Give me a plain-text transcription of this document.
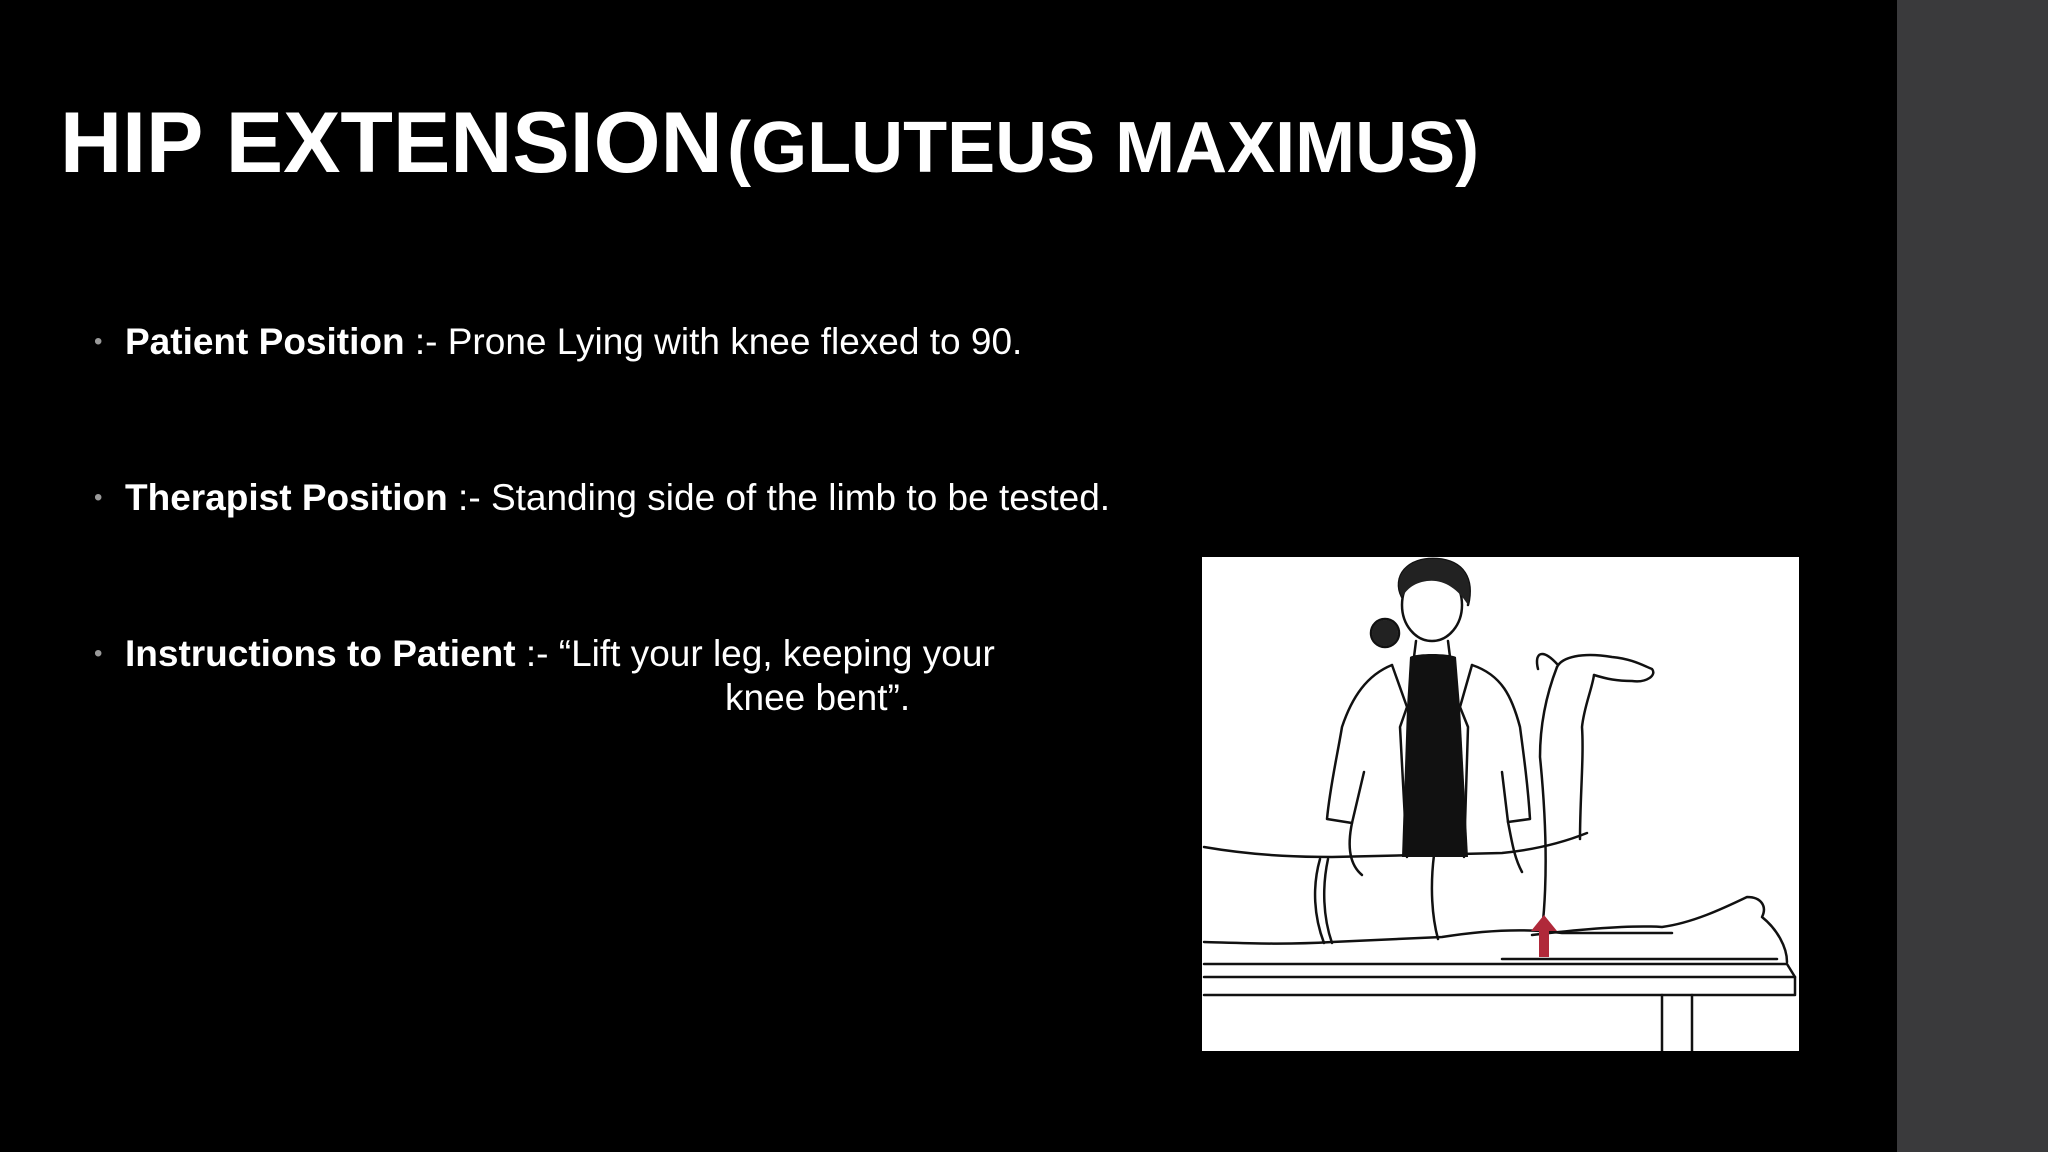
HIP EXTENSION (GLUTEUS MAXIMUS)
• Patient Position :- Prone Lying with knee flexed to 90.
• Therapist Position :- Standing side of the limb to be tested.
• Instructions to Patient :- “Lift your leg, keeping your
knee bent”.
